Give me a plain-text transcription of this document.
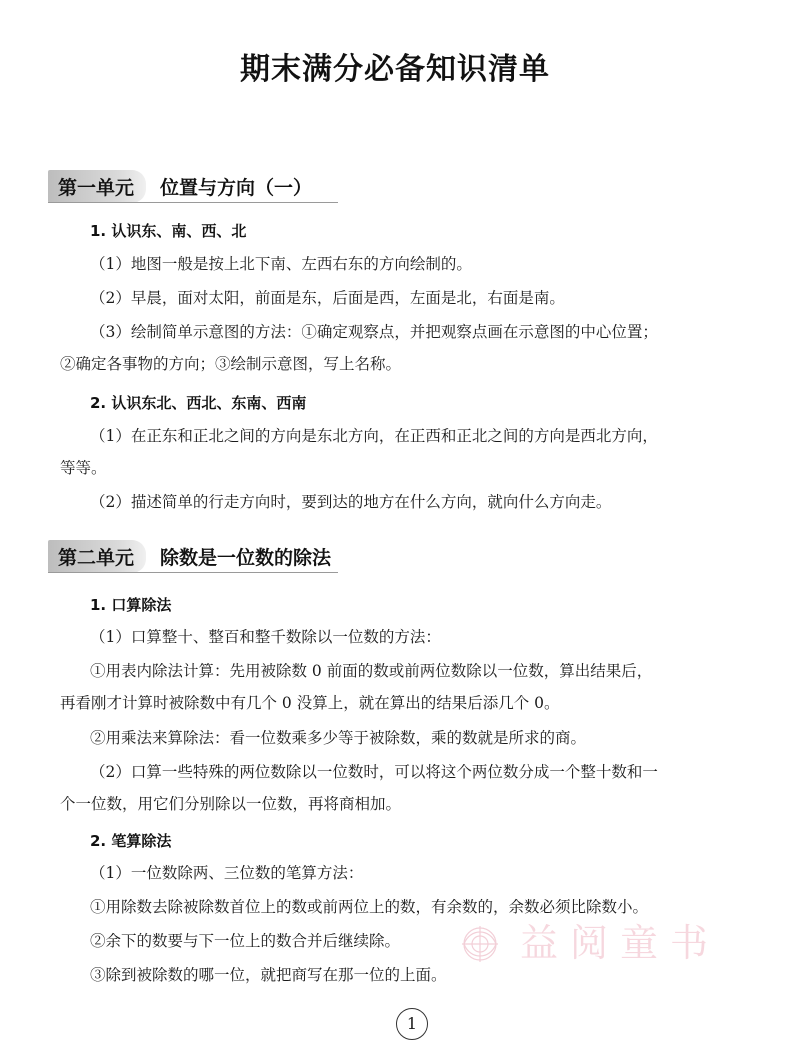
期末满分必备知识清单
第一单元	位置与方向（一）
1. 认识东、南、西、北
（1）地图一般是按上北下南、左西右东的方向绘制的。
（2）早晨，面对太阳，前面是东，后面是西，左面是北，右面是南。
（3）绘制简单示意图的方法：①确定观察点，并把观察点画在示意图的中心位置；
②确定各事物的方向；③绘制示意图，写上名称。
2. 认识东北、西北、东南、西南
（1）在正东和正北之间的方向是东北方向，在正西和正北之间的方向是西北方向，
等等。
（2）描述简单的行走方向时，要到达的地方在什么方向，就向什么方向走。
第二单元	除数是一位数的除法
1. 口算除法
（1）口算整十、整百和整千数除以一位数的方法：
①用表内除法计算：先用被除数 0 前面的数或前两位数除以一位数，算出结果后，
再看刚才计算时被除数中有几个 0 没算上，就在算出的结果后添几个 0。
②用乘法来算除法：看一位数乘多少等于被除数，乘的数就是所求的商。
（2）口算一些特殊的两位数除以一位数时，可以将这个两位数分成一个整十数和一
个一位数，用它们分别除以一位数，再将商相加。
2. 笔算除法
（1）一位数除两、三位数的笔算方法：
①用除数去除被除数首位上的数或前两位上的数，有余数的，余数必须比除数小。
②余下的数要与下一位上的数合并后继续除。
③除到被除数的哪一位，就把商写在那一位的上面。
益阅童书
1
